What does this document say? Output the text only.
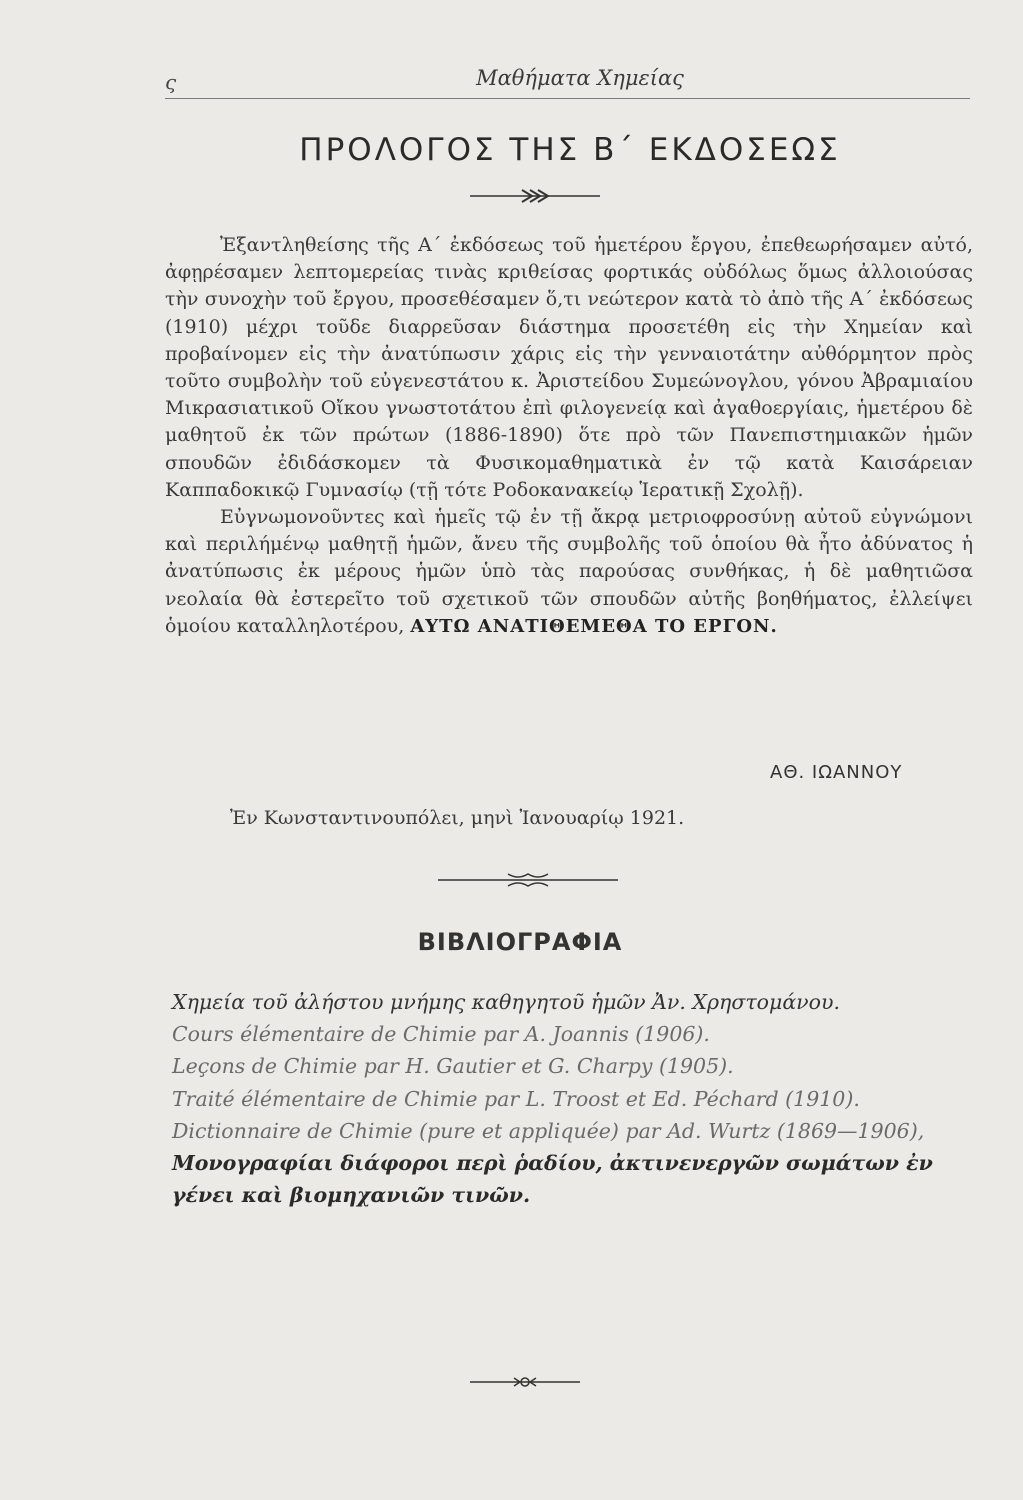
ς	Μαθήματα Χημείας
ΠΡΟΛΟΓΟΣ ΤΗΣ Β΄ ΕΚΔΟΣΕΩΣ

Ἐξαντληθείσης τῆς Α΄ ἐκδόσεως τοῦ ἡμετέρου ἔργου, ἐπεθεωρήσαμεν αὐτό, ἀφῃρέσαμεν λεπτομερείας τινὰς κριθείσας φορτικάς οὐδόλως ὅμως ἀλλοιούσας τὴν συνοχὴν τοῦ ἔργου, προσεθέσαμεν ὅ,τι νεώτερον κατὰ τὸ ἀπὸ τῆς Α΄ ἐκδόσεως (1910) μέχρι τοῦδε διαρρεῦσαν διάστημα προσετέθη εἰς τὴν Χημείαν καὶ προβαίνομεν εἰς τὴν ἀνατύπωσιν χάρις εἰς τὴν γενναιοτάτην αὐθόρμητον πρὸς τοῦτο συμβολὴν τοῦ εὐγενεστάτου κ. Ἀριστείδου Συμεώνογλου, γόνου Ἀβραμιαίου Μικρασιατικοῦ Οἴκου γνωστοτάτου ἐπὶ φιλογενείᾳ καὶ ἀγαθοεργίαις, ἡμετέρου δὲ μαθητοῦ ἐκ τῶν πρώτων (1886-1890) ὅτε πρὸ τῶν Πανεπιστημιακῶν ἡμῶν σπουδῶν ἐδιδάσκομεν τὰ Φυσικομαθηματικὰ ἐν τῷ κατὰ Καισάρειαν Καππαδοκικῷ Γυμνασίῳ (τῇ τότε Ροδοκανακείῳ Ἱερατικῇ Σχολῇ).

Εὐγνωμονοῦντες καὶ ἡμεῖς τῷ ἐν τῇ ἄκρᾳ μετριοφροσύνῃ αὐτοῦ εὐγνώμονι καὶ περιλήμένῳ μαθητῇ ἡμῶν, ἄνευ τῆς συμβολῆς τοῦ ὁποίου θὰ ἦτο ἀδύνατος ἡ ἀνατύπωσις ἐκ μέρους ἡμῶν ὑπὸ τὰς παρούσας συνθήκας, ἡ δὲ μαθητιῶσα νεολαία θὰ ἐστερεῖτο τοῦ σχετικοῦ τῶν σπουδῶν αὐτῆς βοηθήματος, ἐλλείψει ὁμοίου καταλληλοτέρου, ΑΥΤΩ ΑΝΑΤΙΘΕΜΕΘΑ ΤΟ ΕΡΓΟΝ.

ΑΘ. ΙΩΑΝΝΟΥ
Ἐν Κωνσταντινουπόλει, μηνὶ Ἰανουαρίῳ 1921.
ΒΙΒΛΙΟΓΡΑΦΙΑ
Χημεία τοῦ ἀλήστου μνήμης καθηγητοῦ ἡμῶν Ἀν. Χρηστομάνου.
Cours élémentaire de Chimie par A. Joannis (1906).
Leçons de Chimie par H. Gautier et G. Charpy (1905).
Traité élémentaire de Chimie par L. Troost et Ed. Péchard (1910).
Dictionnaire de Chimie (pure et appliquée) par Ad. Wurtz (1869—1906),
Μονογραφίαι διάφοροι περὶ ῥαδίου, ἀκτινενεργῶν σωμάτων ἐν γένει καὶ βιομηχανιῶν τινῶν.
